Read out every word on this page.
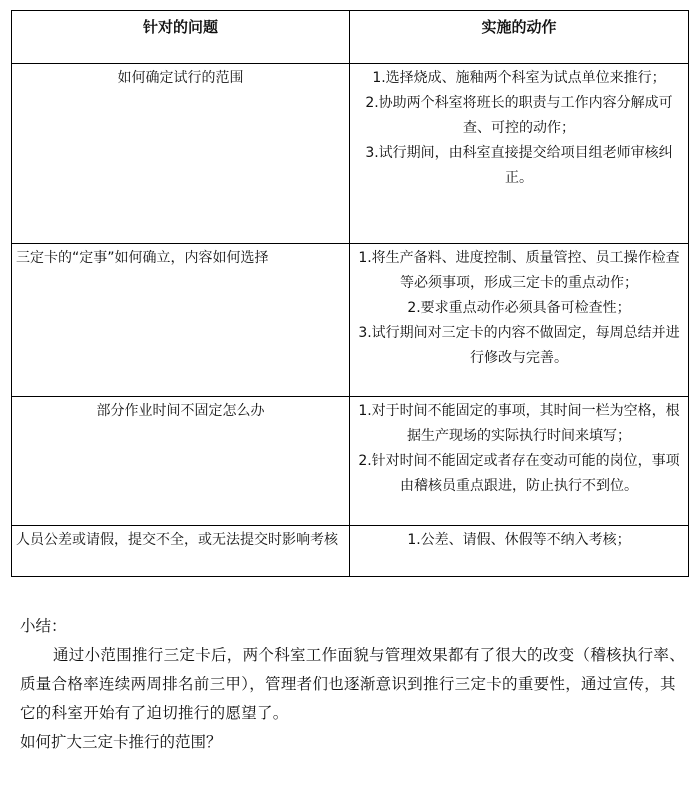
针对的问题	实施的动作
如何确定试行的范围	1.选择烧成、施釉两个科室为试点单位来推行；
2.协助两个科室将班长的职责与工作内容分解成可查、可控的动作；
3.试行期间，由科室直接提交给项目组老师审核纠正。

三定卡的“定事”如何确立，内容如何选择	1.将生产备料、进度控制、质量管控、员工操作检查等必须事项，形成三定卡的重点动作；
2.要求重点动作必须具备可检查性；
3.试行期间对三定卡的内容不做固定，每周总结并进行修改与完善。

部分作业时间不固定怎么办	1.对于时间不能固定的事项，其时间一栏为空格，根据生产现场的实际执行时间来填写；
2.针对时间不能固定或者存在变动可能的岗位，事项由稽核员重点跟进，防止执行不到位。

人员公差或请假，提交不全，或无法提交时影响考核	1.公差、请假、休假等不纳入考核；

小结：

通过小范围推行三定卡后，两个科室工作面貌与管理效果都有了很大的改变（稽核执行率、质量合格率连续两周排名前三甲），管理者们也逐渐意识到推行三定卡的重要性，通过宣传，其它的科室开始有了迫切推行的愿望了。

如何扩大三定卡推行的范围？
